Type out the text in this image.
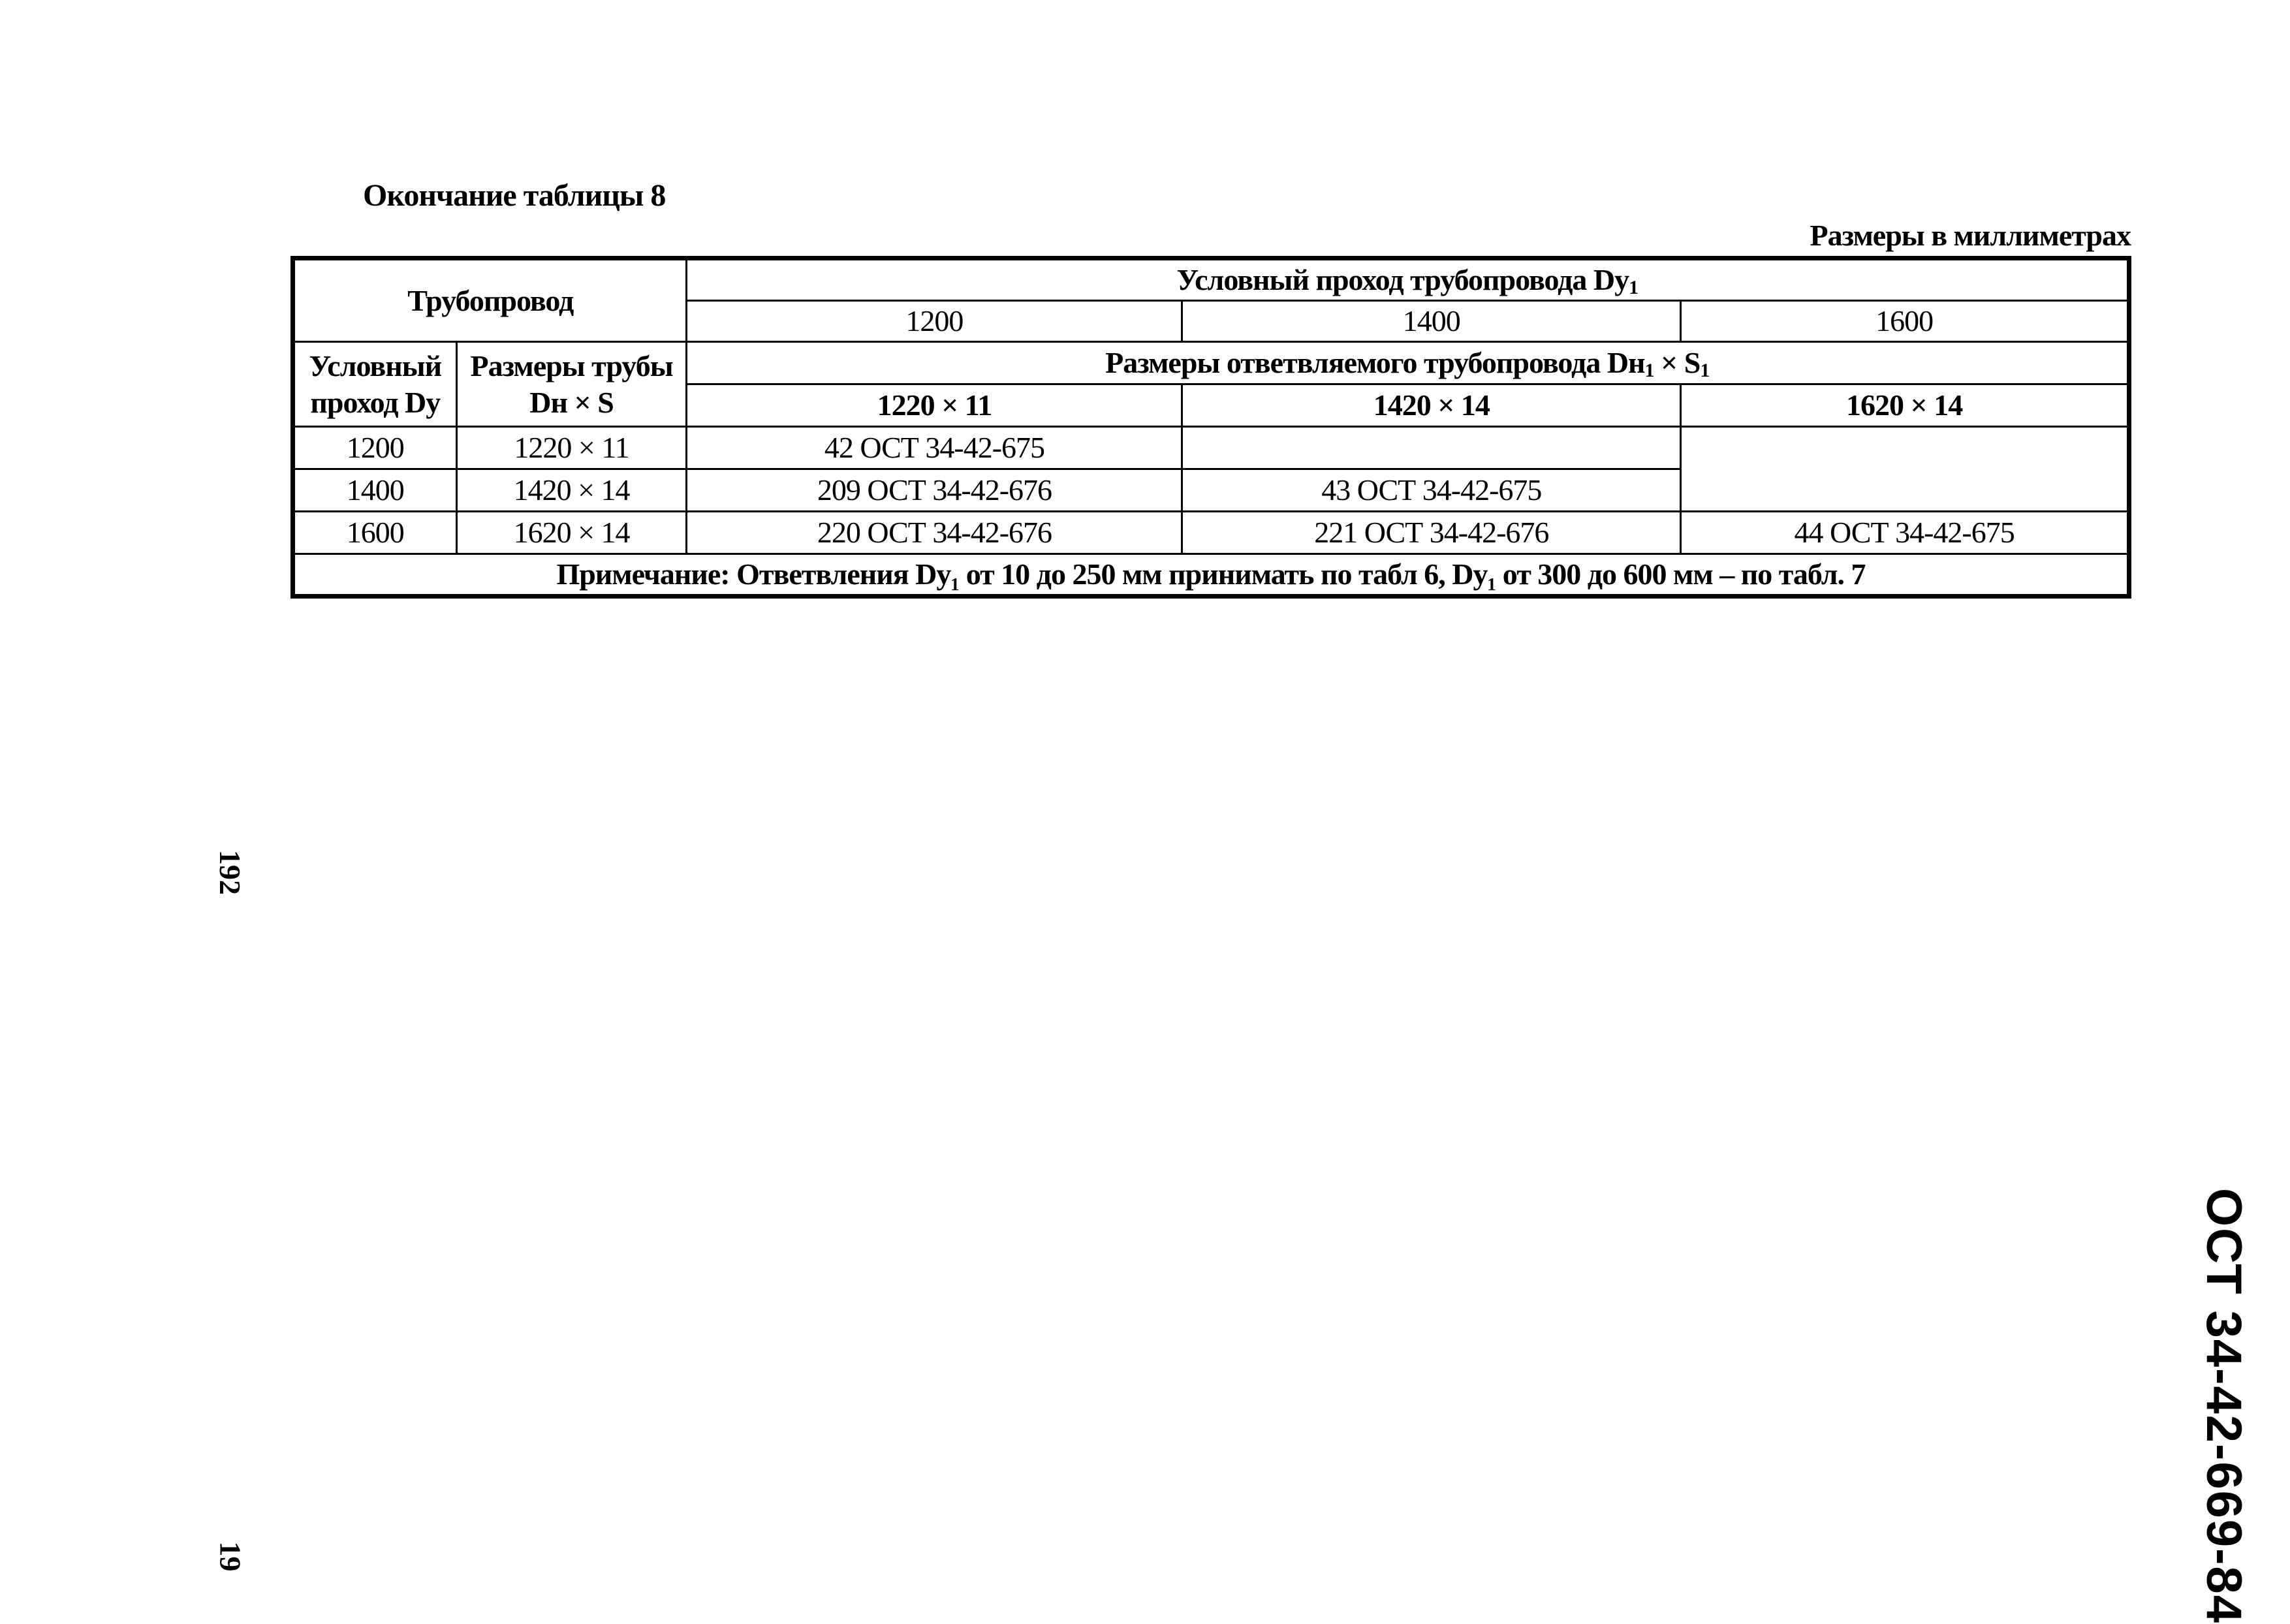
Окончание таблицы 8
Размеры в миллиметрах
Трубопровод		Условный проход трубопровода $Dy_1$
		1200	1400	1600
Условный проход Dy	Размеры трубы Dн × S	Размеры ответвляемого трубопровода $Dн_1 \times S_1$
		1220 × 11	1420 × 14	1620 × 14
1200	1220 × 11	42 ОСТ 34-42-675		
1400	1420 × 14	209 ОСТ 34-42-676	43 ОСТ 34-42-675	
1600	1620 × 14	220 ОСТ 34-42-676	221 ОСТ 34-42-676	44 ОСТ 34-42-675
Примечание: Ответвления Dy₁ от 10 до 250 мм принимать по табл 6, Dy₁ от 300 до 600 мм – по табл. 7				
192
19	ОСТ 34-42-669-84
